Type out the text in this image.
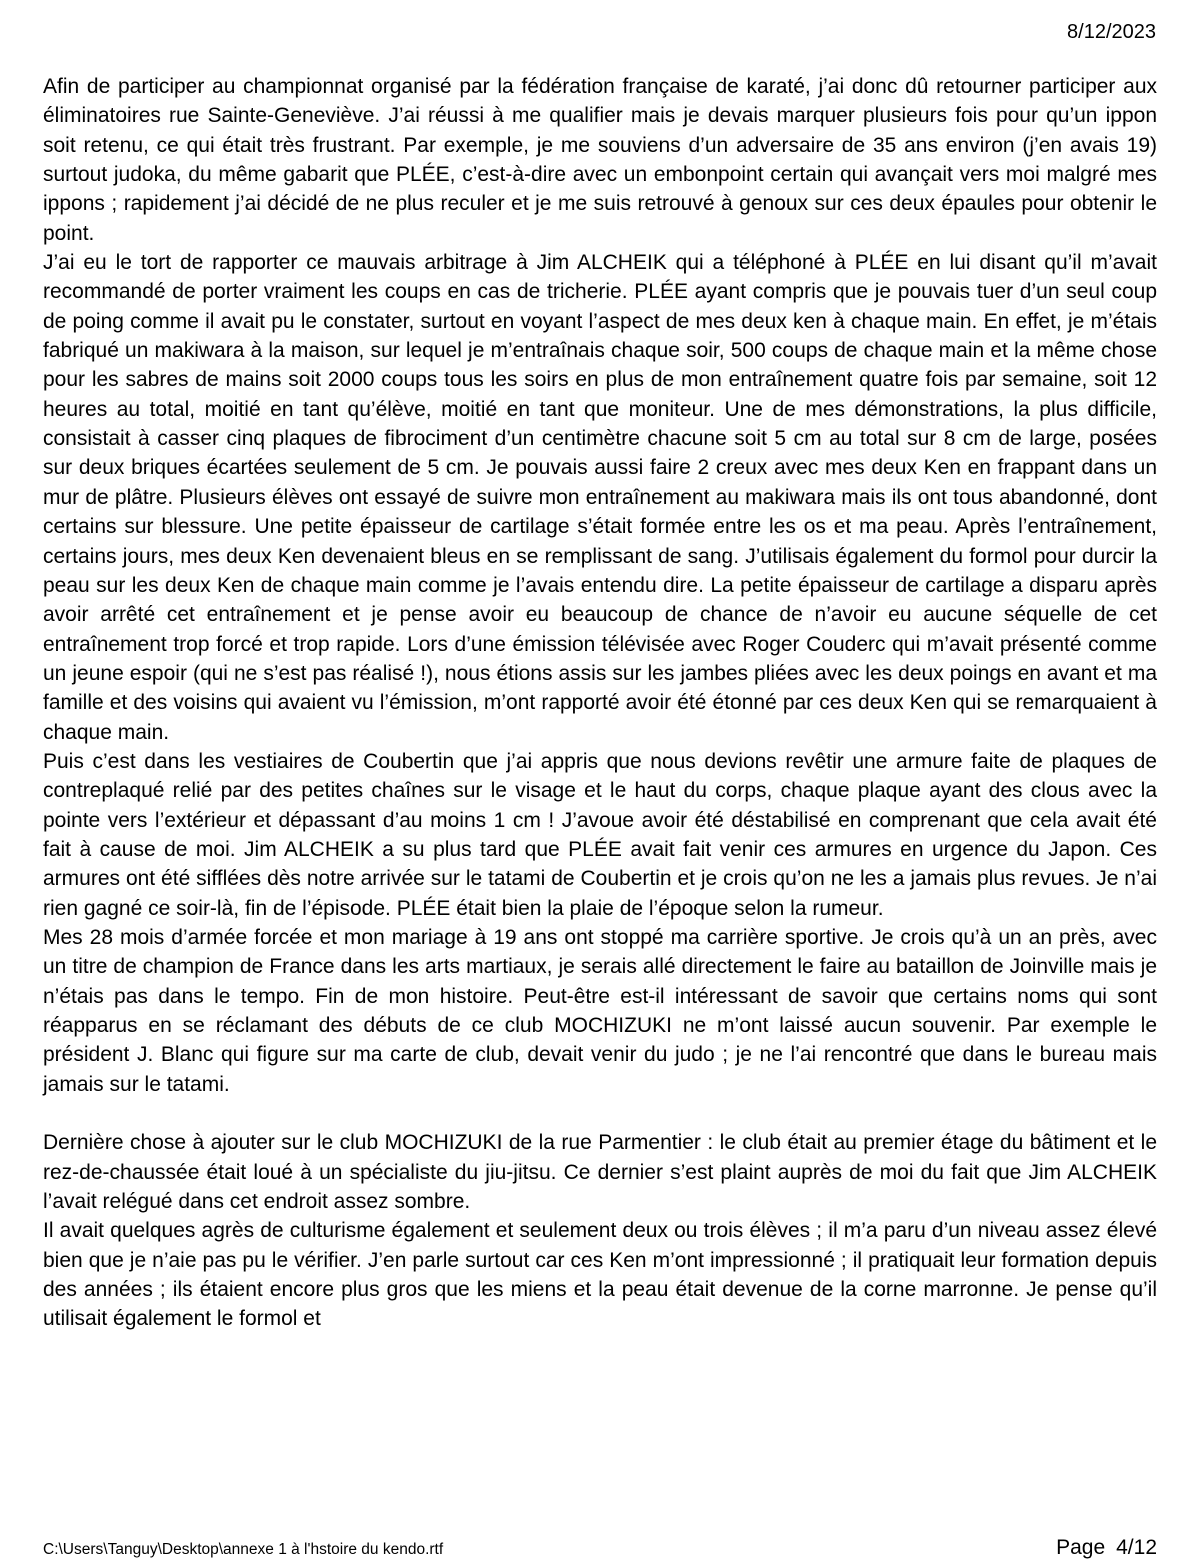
8/12/2023

Afin de participer au championnat organisé par la fédération française de karaté, j’ai donc dû retourner participer aux éliminatoires rue Sainte-Geneviève. J’ai réussi à me qualifier mais je devais marquer plusieurs fois pour qu’un ippon soit retenu, ce qui était très frustrant. Par exemple, je me souviens d’un adversaire de 35 ans environ (j’en avais 19) surtout judoka, du même gabarit que PLÉE, c’est-à-dire avec un embonpoint certain qui avançait vers moi malgré mes ippons ; rapidement j’ai décidé de ne plus reculer et je me suis retrouvé à genoux sur ces deux épaules pour obtenir le point.

J’ai eu le tort de rapporter ce mauvais arbitrage à Jim ALCHEIK qui a téléphoné à PLÉE en lui disant qu’il m’avait recommandé de porter vraiment les coups en cas de tricherie. PLÉE ayant compris que je pouvais tuer d’un seul coup de poing comme il avait pu le constater, surtout en voyant l’aspect de mes deux ken à chaque main. En effet, je m’étais fabriqué un makiwara à la maison, sur lequel je m’entraînais chaque soir, 500 coups de chaque main et la même chose pour les sabres de mains soit 2000 coups tous les soirs en plus de mon entraînement quatre fois par semaine, soit 12 heures au total, moitié en tant qu’élève, moitié en tant que moniteur. Une de mes démonstrations, la plus difficile, consistait à casser cinq plaques de fibrociment d’un centimètre chacune soit 5 cm au total sur 8 cm de large, posées sur deux briques écartées seulement de 5 cm. Je pouvais aussi faire 2 creux avec mes deux Ken en frappant dans un mur de plâtre. Plusieurs élèves ont essayé de suivre mon entraînement au makiwara mais ils ont tous abandonné, dont certains sur blessure. Une petite épaisseur de cartilage s’était formée entre les os et ma peau. Après l’entraînement, certains jours, mes deux Ken devenaient bleus en se remplissant de sang. J’utilisais également du formol pour durcir la peau sur les deux Ken de chaque main comme je l’avais entendu dire. La petite épaisseur de cartilage a disparu après avoir arrêté cet entraînement et je pense avoir eu beaucoup de chance de n’avoir eu aucune séquelle de cet entraînement trop forcé et trop rapide. Lors d’une émission télévisée avec Roger Couderc qui m’avait présenté comme un jeune espoir (qui ne s’est pas réalisé !), nous étions assis sur les jambes pliées avec les deux poings en avant et ma famille et des voisins qui avaient vu l’émission, m’ont rapporté avoir été étonné par ces deux Ken qui se remarquaient à chaque main.

Puis c’est dans les vestiaires de Coubertin que j’ai appris que nous devions revêtir une armure faite de plaques de contreplaqué relié par des petites chaînes sur le visage et le haut du corps, chaque plaque ayant des clous avec la pointe vers l’extérieur et dépassant d’au moins 1 cm ! J’avoue avoir été déstabilisé en comprenant que cela avait été fait à cause de moi. Jim ALCHEIK a su plus tard que PLÉE avait fait venir ces armures en urgence du Japon. Ces armures ont été sifflées dès notre arrivée sur le tatami de Coubertin et je crois qu’on ne les a jamais plus revues. Je n’ai rien gagné ce soir-là, fin de l’épisode. PLÉE était bien la plaie de l’époque selon la rumeur.

Mes 28 mois d’armée forcée et mon mariage à 19 ans ont stoppé ma carrière sportive. Je crois qu’à un an près, avec un titre de champion de France dans les arts martiaux, je serais allé directement le faire au bataillon de Joinville mais je n’étais pas dans le tempo. Fin de mon histoire. Peut-être est-il intéressant de savoir que certains noms qui sont réapparus en se réclamant des débuts de ce club MOCHIZUKI ne m’ont laissé aucun souvenir. Par exemple le président J. Blanc qui figure sur ma carte de club, devait venir du judo ; je ne l’ai rencontré que dans le bureau mais jamais sur le tatami.

Dernière chose à ajouter sur le club MOCHIZUKI de la rue Parmentier : le club était au premier étage du bâtiment et le rez-de-chaussée était loué à un spécialiste du jiu-jitsu. Ce dernier s’est plaint auprès de moi du fait que Jim ALCHEIK l’avait relégué dans cet endroit assez sombre.

Il avait quelques agrès de culturisme également et seulement deux ou trois élèves ; il m’a paru d’un niveau assez élevé bien que je n’aie pas pu le vérifier. J’en parle surtout car ces Ken m’ont impressionné ; il pratiquait leur formation depuis des années ; ils étaient encore plus gros que les miens et la peau était devenue de la corne marronne. Je pense qu’il utilisait également le formol et

C:\Users\Tanguy\Desktop\annexe 1 à l'hstoire du kendo.rtf	Page 4/12
